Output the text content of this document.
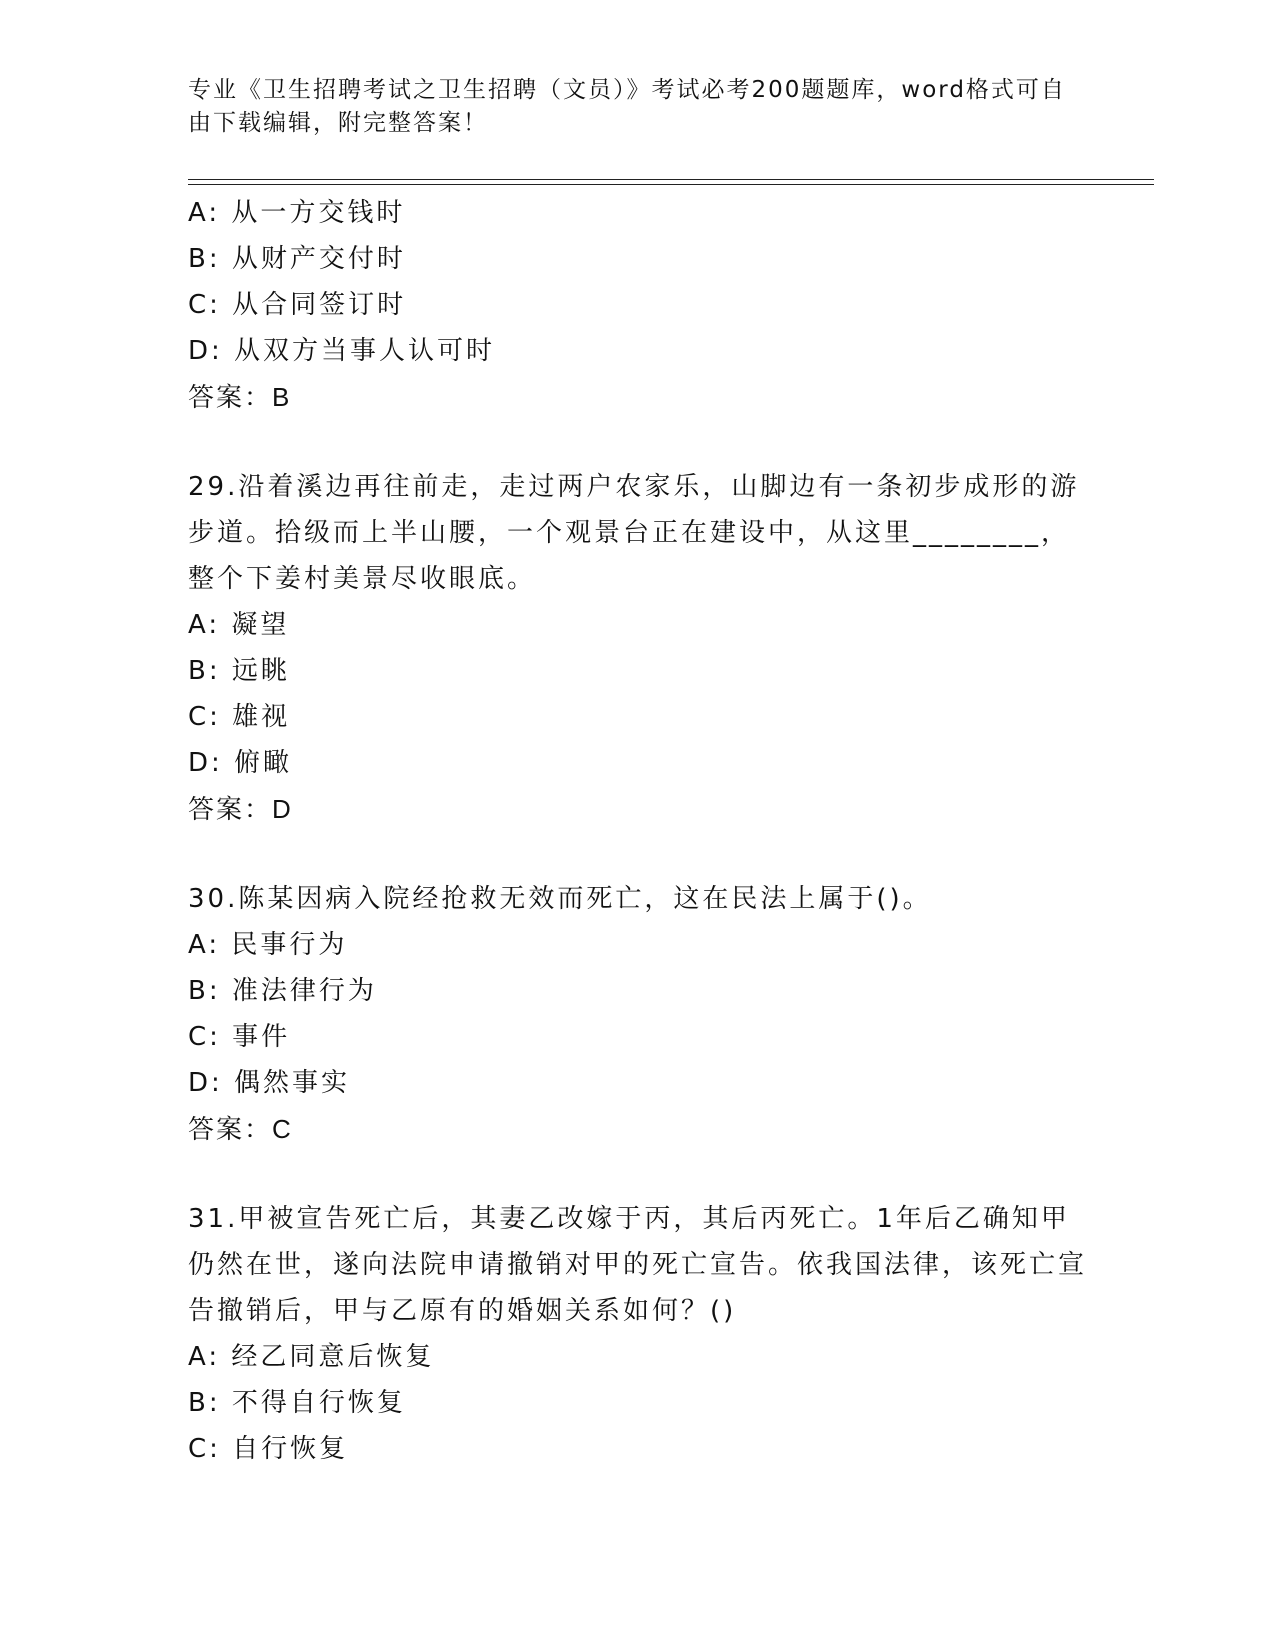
专业《卫生招聘考试之卫生招聘（文员）》考试必考200题题库，word格式可自由下载编辑，附完整答案！
A: 从一方交钱时
B: 从财产交付时
C: 从合同签订时
D: 从双方当事人认可时
答案：B

29.沿着溪边再往前走，走过两户农家乐，山脚边有一条初步成形的游步道。拾级而上半山腰，一个观景台正在建设中，从这里________，整个下姜村美景尽收眼底。

A: 凝望
B: 远眺
C: 雄视
D: 俯瞰
答案：D

30.陈某因病入院经抢救无效而死亡，这在民法上属于()。

A: 民事行为
B: 准法律行为
C: 事件
D: 偶然事实
答案：C

31.甲被宣告死亡后，其妻乙改嫁于丙，其后丙死亡。1年后乙确知甲仍然在世，遂向法院申请撤销对甲的死亡宣告。依我国法律，该死亡宣告撤销后，甲与乙原有的婚姻关系如何？()

A: 经乙同意后恢复
B: 不得自行恢复
C: 自行恢复
